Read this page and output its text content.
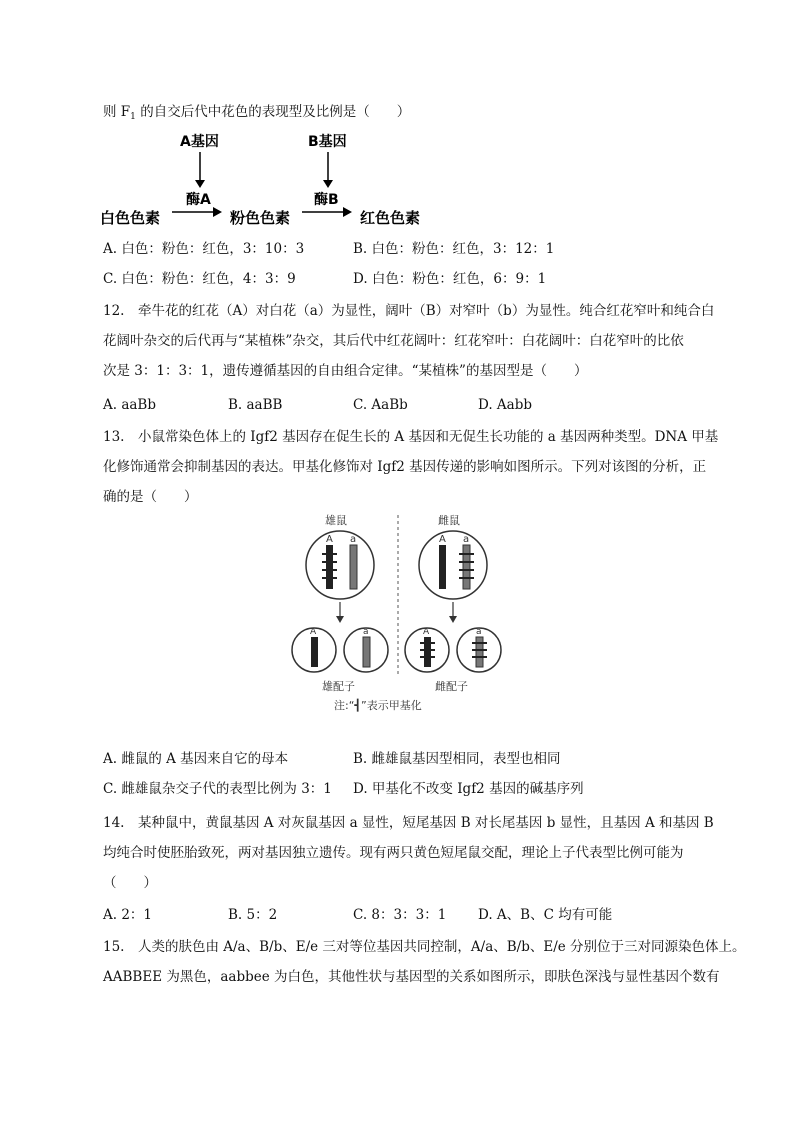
则 $F_1$ 的自交后代中花色的表现型及比例是（　　）
A基因	B基因
酶A	酶B
白色色素	粉色色素	红色色素
A. 白色：粉色：红色，3：10：3	B. 白色：粉色：红色，3：12：1
C. 白色：粉色：红色，4：3：9	D. 白色：粉色：红色，6：9：1
12.　牵牛花的红花（A）对白花（a）为显性，阔叶（B）对窄叶（b）为显性。纯合红花窄叶和纯合白
花阔叶杂交的后代再与“某植株”杂交，其后代中红花阔叶：红花窄叶：白花阔叶：白花窄叶的比依
次是 3：1：3：1，遗传遵循基因的自由组合定律。“某植株”的基因型是（　　）
A. aaBb	B. aaBB	C. AaBb	D. Aabb
13.　小鼠常染色体上的 Igf2 基因存在促生长的 A 基因和无促生长功能的 a 基因两种类型。DNA 甲基
化修饰通常会抑制基因的表达。甲基化修饰对 Igf2 基因传递的影响如图所示。下列对该图的分析，正
确的是（　　）
雄鼠	雌鼠
A a	A a
A	a	A	a
雄配子	雌配子
注:“┫”表示甲基化
A. 雌鼠的 A 基因来自它的母本	B. 雌雄鼠基因型相同，表型也相同
C. 雌雄鼠杂交子代的表型比例为 3：1 D. 甲基化不改变 Igf2 基因的碱基序列
14.　某种鼠中，黄鼠基因 A 对灰鼠基因 a 显性，短尾基因 B 对长尾基因 b 显性，且基因 A 和基因 B
均纯合时使胚胎致死，两对基因独立遗传。现有两只黄色短尾鼠交配，理论上子代表型比例可能为
（　　）
A. 2：1	B. 5：2	C. 8：3：3：1 D. A、B、C 均有可能
15.　人类的肤色由 A/a、B/b、E/e 三对等位基因共同控制，A/a、B/b、E/e 分别位于三对同源染色体上。
AABBEE 为黑色，aabbee 为白色，其他性状与基因型的关系如图所示，即肤色深浅与显性基因个数有
